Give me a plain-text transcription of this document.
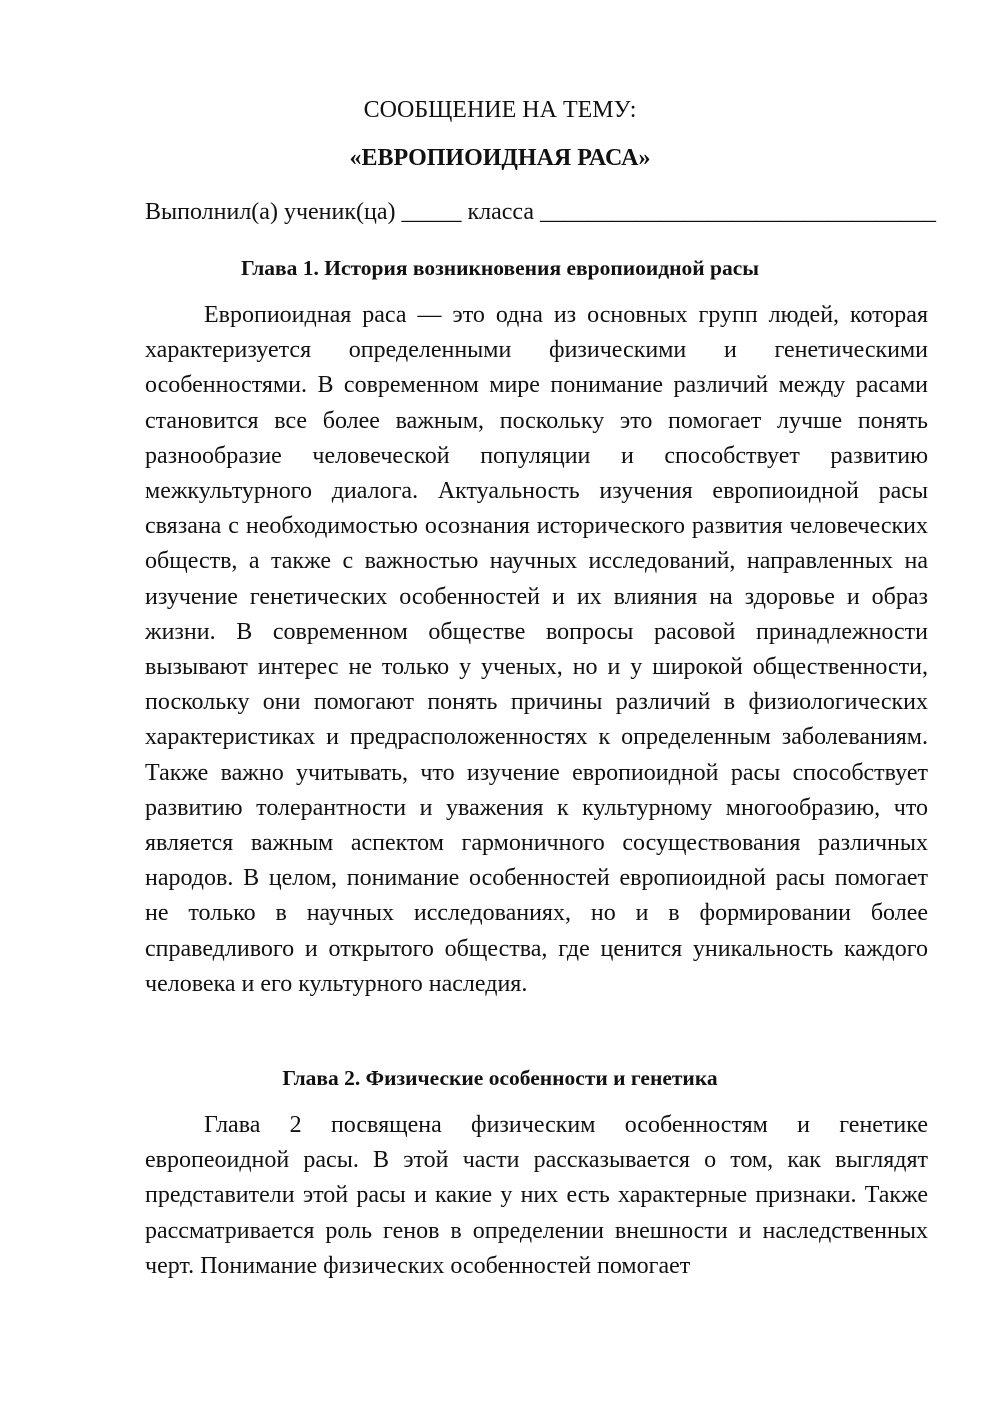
СООБЩЕНИЕ НА ТЕМУ:
«ЕВРОПИОИДНАЯ РАСА»
Выполнил(а) ученик(ца) _____ класса _________________________________
Глава 1. История возникновения европиоидной расы

Европиоидная раса — это одна из основных групп людей, которая характеризуется определенными физическими и генетическими особенностями. В современном мире понимание различий между расами становится все более важным, поскольку это помогает лучше понять разнообразие человеческой популяции и способствует развитию межкультурного диалога. Актуальность изучения европиоидной расы связана с необходимостью осознания исторического развития человеческих обществ, а также с важностью научных исследований, направленных на изучение генетических особенностей и их влияния на здоровье и образ жизни. В современном обществе вопросы расовой принадлежности вызывают интерес не только у ученых, но и у широкой общественности, поскольку они помогают понять причины различий в физиологических характеристиках и предрасположенностях к определенным заболеваниям. Также важно учитывать, что изучение европиоидной расы способствует развитию толерантности и уважения к культурному многообразию, что является важным аспектом гармоничного сосуществования различных народов. В целом, понимание особенностей европиоидной расы помогает не только в научных исследованиях, но и в формировании более справедливого и открытого общества, где ценится уникальность каждого человека и его культурного наследия.

Глава 2. Физические особенности и генетика

Глава 2 посвящена физическим особенностям и генетике европеоидной расы. В этой части рассказывается о том, как выглядят представители этой расы и какие у них есть характерные признаки. Также рассматривается роль генов в определении внешности и наследственных черт. Понимание физических особенностей помогает
